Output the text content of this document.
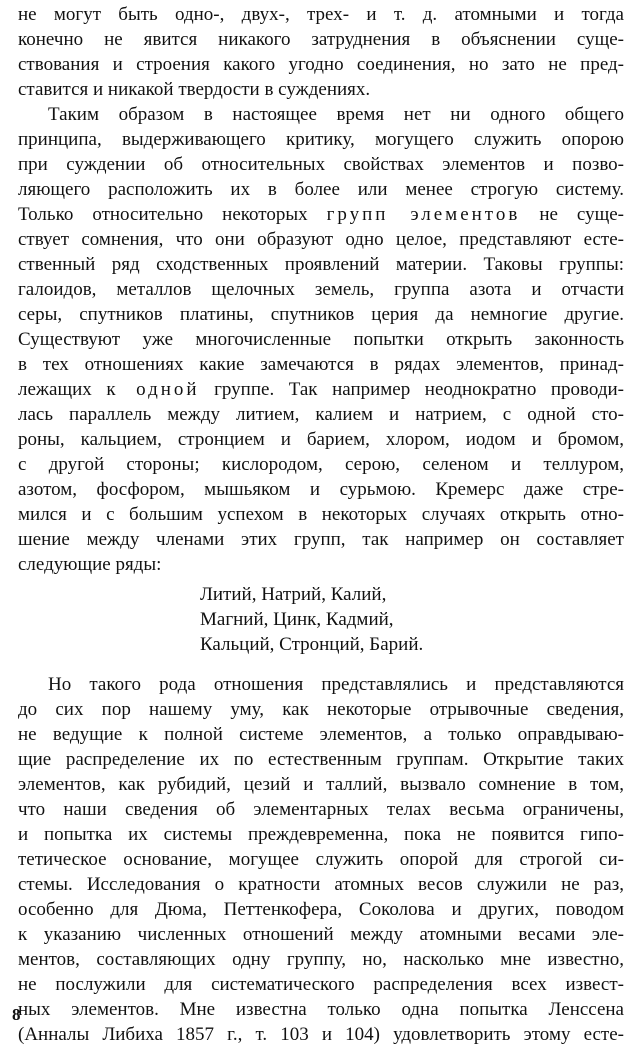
не могут быть одно-, двух-, трех- и т. д. атомными и тогда
конечно не явится никакого затруднения в объяснении суще-
ствования и строения какого угодно соединения, но зато не пред-
ставится и никакой твердости в суждениях.
Таким образом в настоящее время нет ни одного общего
принципа, выдерживающего критику, могущего служить опорою
при суждении об относительных свойствах элементов и позво-
ляющего расположить их в более или менее строгую систему.
Только относительно некоторых групп элементов не суще-
ствует сомнения, что они образуют одно целое, представляют есте-
ственный ряд сходственных проявлений материи. Таковы группы:
галоидов, металлов щелочных земель, группа азота и отчасти
серы, спутников платины, спутников церия да немногие другие.
Существуют уже многочисленные попытки открыть законность
в тех отношениях какие замечаются в рядах элементов, принад-
лежащих к одной группе. Так например неоднократно проводи-
лась параллель между литием, калием и натрием, с одной сто-
роны, кальцием, стронцием и барием, хлором, иодом и бромом,
с другой стороны; кислородом, серою, селеном и теллуром,
азотом, фосфором, мышьяком и сурьмою. Кремерс даже стре-
мился и с большим успехом в некоторых случаях открыть отно-
шение между членами этих групп, так например он составляет
следующие ряды:
Литий, Натрий, Калий,
Магний, Цинк, Кадмий,
Кальций, Стронций, Барий.
Но такого рода отношения представлялись и представляются
до сих пор нашему уму, как некоторые отрывочные сведения,
не ведущие к полной системе элементов, а только оправдываю-
щие распределение их по естественным группам. Открытие таких
элементов, как рубидий, цезий и таллий, вызвало сомнение в том,
что наши сведения об элементарных телах весьма ограничены,
и попытка их системы преждевременна, пока не появится гипо-
тетическое основание, могущее служить опорой для строгой си-
стемы. Исследования о кратности атомных весов служили не раз,
особенно для Дюма, Петтенкофера, Соколова и других, поводом
к указанию численных отношений между атомными весами эле-
ментов, составляющих одну группу, но, насколько мне известно,
не послужили для систематического распределения всех извест-
ных элементов. Мне известна только одна попытка Ленссена
(Анналы Либиха 1857 г., т. 103 и 104) удовлетворить этому есте-
8
